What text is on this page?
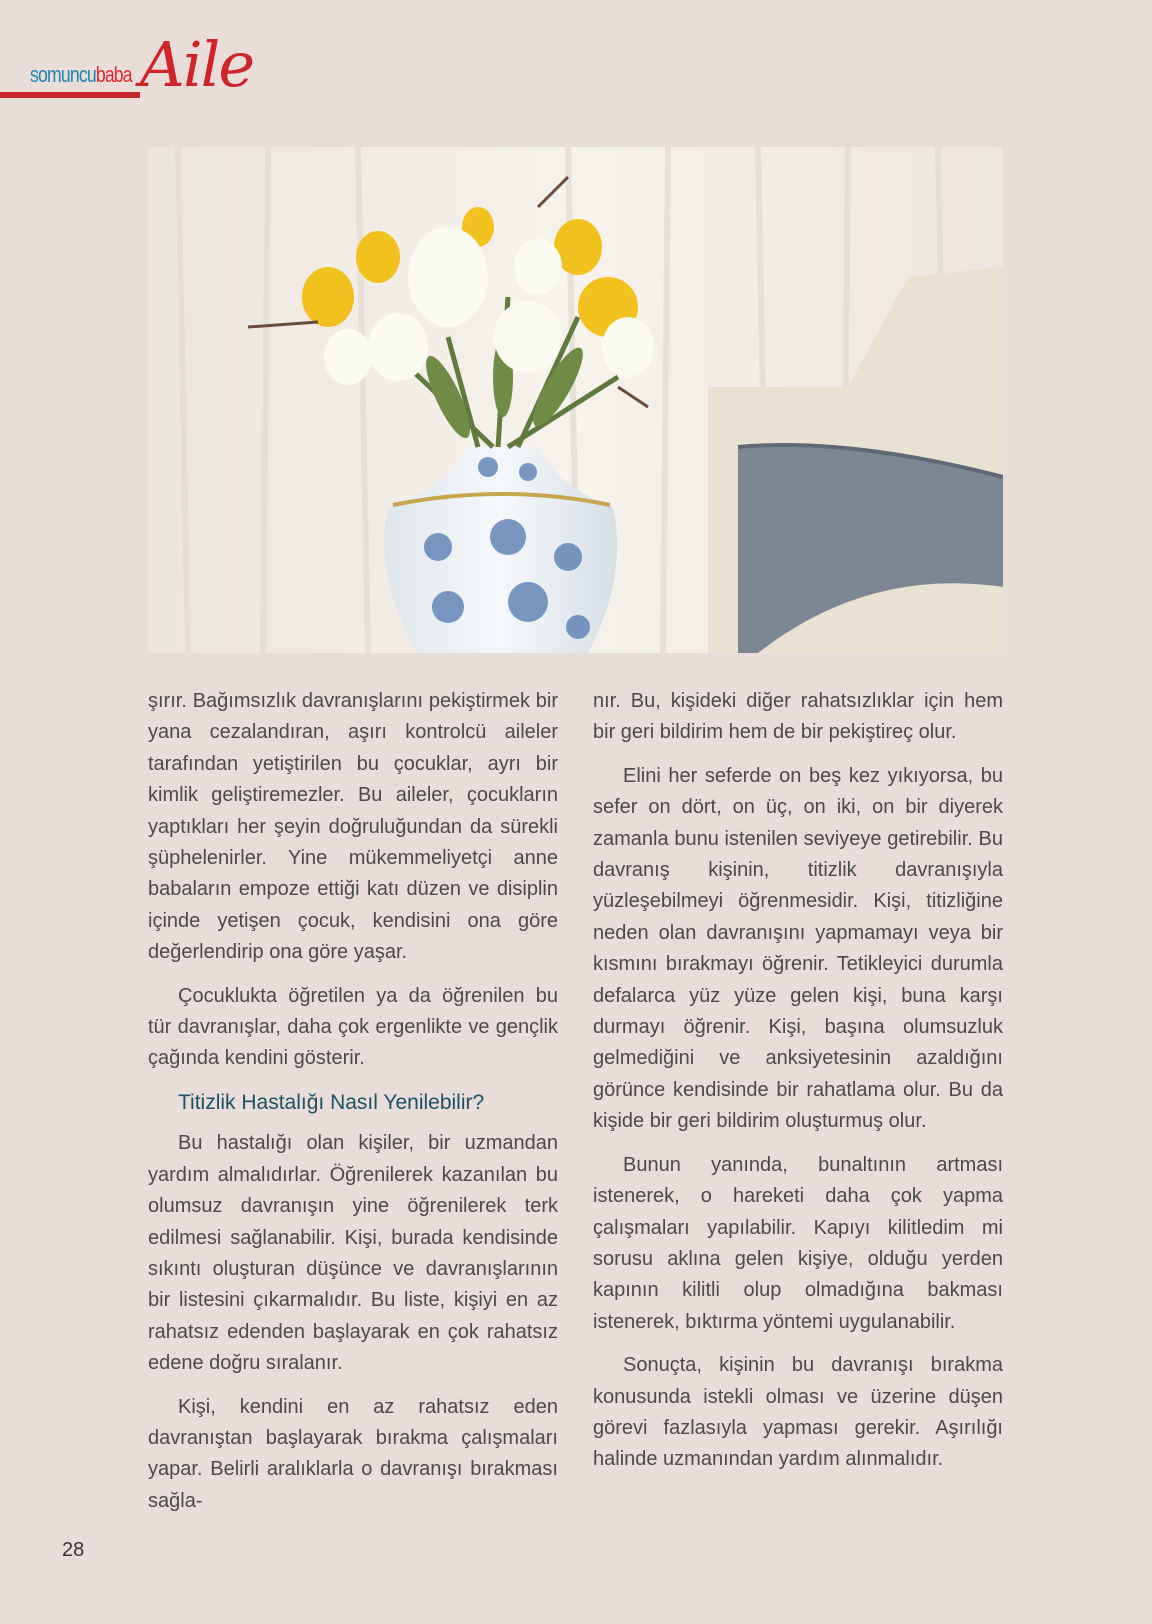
somuncubaba Aile

şırır. Bağımsızlık davranışlarını pekiştirmek bir yana cezalandıran, aşırı kontrolcü aileler tarafından yetiştirilen bu çocuklar, ayrı bir kimlik geliştiremezler. Bu aileler, çocukların yaptıkları her şeyin doğruluğundan da sürekli şüphelenirler. Yine mükemmeliyetçi anne babaların empoze ettiği katı düzen ve disiplin içinde yetişen çocuk, kendisini ona göre değerlendirip ona göre yaşar.

Çocuklukta öğretilen ya da öğrenilen bu tür davranışlar, daha çok ergenlikte ve gençlik çağında kendini gösterir.

Titizlik Hastalığı Nasıl Yenilebilir?

Bu hastalığı olan kişiler, bir uzmandan yardım almalıdırlar. Öğrenilerek kazanılan bu olumsuz davranışın yine öğrenilerek terk edilmesi sağlanabilir. Kişi, burada kendisinde sıkıntı oluşturan düşünce ve davranışlarının bir listesini çıkarmalıdır. Bu liste, kişiyi en az rahatsız edenden başlayarak en çok rahatsız edene doğru sıralanır.

Kişi, kendini en az rahatsız eden davranıştan başlayarak bırakma çalışmaları yapar. Belirli aralıklarla o davranışı bırakması sağla-

nır. Bu, kişideki diğer rahatsızlıklar için hem bir geri bildirim hem de bir pekiştireç olur.

Elini her seferde on beş kez yıkıyorsa, bu sefer on dört, on üç, on iki, on bir diyerek zamanla bunu istenilen seviyeye getirebilir. Bu davranış kişinin, titizlik davranışıyla yüzleşebilmeyi öğrenmesidir. Kişi, titizliğine neden olan davranışını yapmamayı veya bir kısmını bırakmayı öğrenir. Tetikleyici durumla defalarca yüz yüze gelen kişi, buna karşı durmayı öğrenir. Kişi, başına olumsuzluk gelmediğini ve anksiyetesinin azaldığını görünce kendisinde bir rahatlama olur. Bu da kişide bir geri bildirim oluşturmuş olur.

Bunun yanında, bunaltının artması istenerek, o hareketi daha çok yapma çalışmaları yapılabilir. Kapıyı kilitledim mi sorusu aklına gelen kişiye, olduğu yerden kapının kilitli olup olmadığına bakması istenerek, bıktırma yöntemi uygulanabilir.

Sonuçta, kişinin bu davranışı bırakma konusunda istekli olması ve üzerine düşen görevi fazlasıyla yapması gerekir. Aşırılığı halinde uzmanından yardım alınmalıdır.

28
